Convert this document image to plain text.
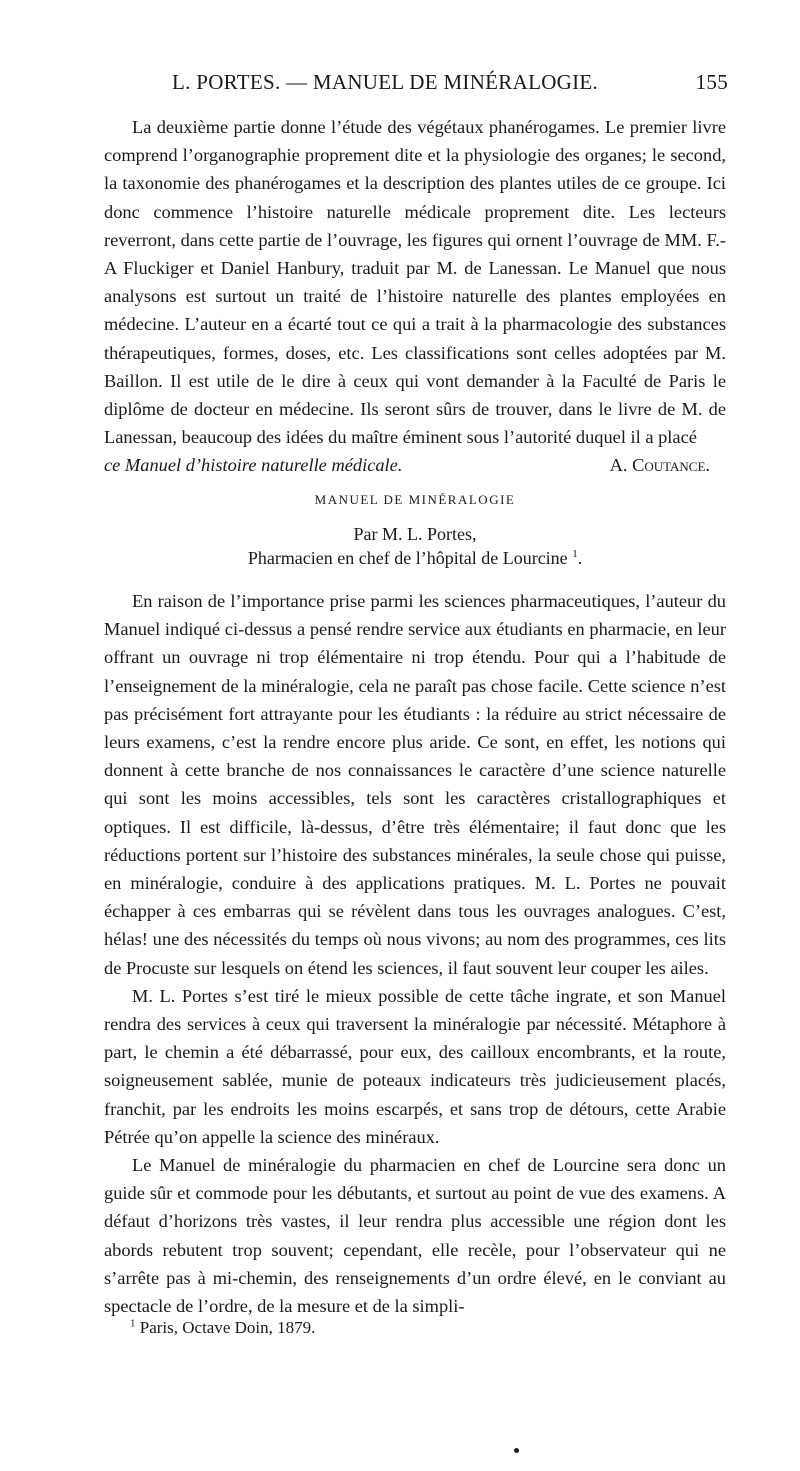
L. PORTES. — MANUEL DE MINÉRALOGIE.	155

La deuxième partie donne l’étude des végétaux phanérogames. Le premier livre comprend l’organographie proprement dite et la physiologie des organes; le second, la taxonomie des phanérogames et la description des plantes utiles de ce groupe. Ici donc commence l’histoire naturelle médicale proprement dite. Les lecteurs reverront, dans cette partie de l’ouvrage, les figures qui ornent l’ouvrage de MM. F.-A Fluckiger et Daniel Hanbury, traduit par M. de Lanessan. Le Manuel que nous analysons est surtout un traité de l’histoire naturelle des plantes employées en médecine. L’auteur en a écarté tout ce qui a trait à la pharmacologie des substances thérapeutiques, formes, doses, etc. Les classifications sont celles adoptées par M. Baillon. Il est utile de le dire à ceux qui vont demander à la Faculté de Paris le diplôme de docteur en médecine. Ils seront sûrs de trouver, dans le livre de M. de Lanessan, beaucoup des idées du maître éminent sous l’autorité duquel il a placé

ce Manuel d’histoire naturelle médicale.	A. Coutance.

MANUEL DE MINÉRALOGIE
Par M. L. Portes,
Pharmacien en chef de l’hôpital de Lourcine $^1$.

En raison de l’importance prise parmi les sciences pharmaceutiques, l’auteur du Manuel indiqué ci-dessus a pensé rendre service aux étudiants en pharmacie, en leur offrant un ouvrage ni trop élémentaire ni trop étendu. Pour qui a l’habitude de l’enseignement de la minéralogie, cela ne paraît pas chose facile. Cette science n’est pas précisément fort attrayante pour les étudiants : la réduire au strict nécessaire de leurs examens, c’est la rendre encore plus aride. Ce sont, en effet, les notions qui donnent à cette branche de nos connaissances le caractère d’une science naturelle qui sont les moins accessibles, tels sont les caractères cristallographiques et optiques. Il est difficile, là-dessus, d’être très élémentaire; il faut donc que les réductions portent sur l’histoire des substances minérales, la seule chose qui puisse, en minéralogie, conduire à des applications pratiques. M. L. Portes ne pouvait échapper à ces embarras qui se révèlent dans tous les ouvrages analogues. C’est, hélas! une des nécessités du temps où nous vivons; au nom des programmes, ces lits de Procuste sur lesquels on étend les sciences, il faut souvent leur couper les ailes.

M. L. Portes s’est tiré le mieux possible de cette tâche ingrate, et son Manuel rendra des services à ceux qui traversent la minéralogie par nécessité. Métaphore à part, le chemin a été débarrassé, pour eux, des cailloux encombrants, et la route, soigneusement sablée, munie de poteaux indicateurs très judicieusement placés, franchit, par les endroits les moins escarpés, et sans trop de détours, cette Arabie Pétrée qu’on appelle la science des minéraux.

Le Manuel de minéralogie du pharmacien en chef de Lourcine sera donc un guide sûr et commode pour les débutants, et surtout au point de vue des examens. A défaut d’horizons très vastes, il leur rendra plus accessible une région dont les abords rebutent trop souvent; cependant, elle recèle, pour l’observateur qui ne s’arrête pas à mi-chemin, des renseignements d’un ordre élevé, en le conviant au spectacle de l’ordre, de la mesure et de la simpli-

$^1$ Paris, Octave Doin, 1879.
